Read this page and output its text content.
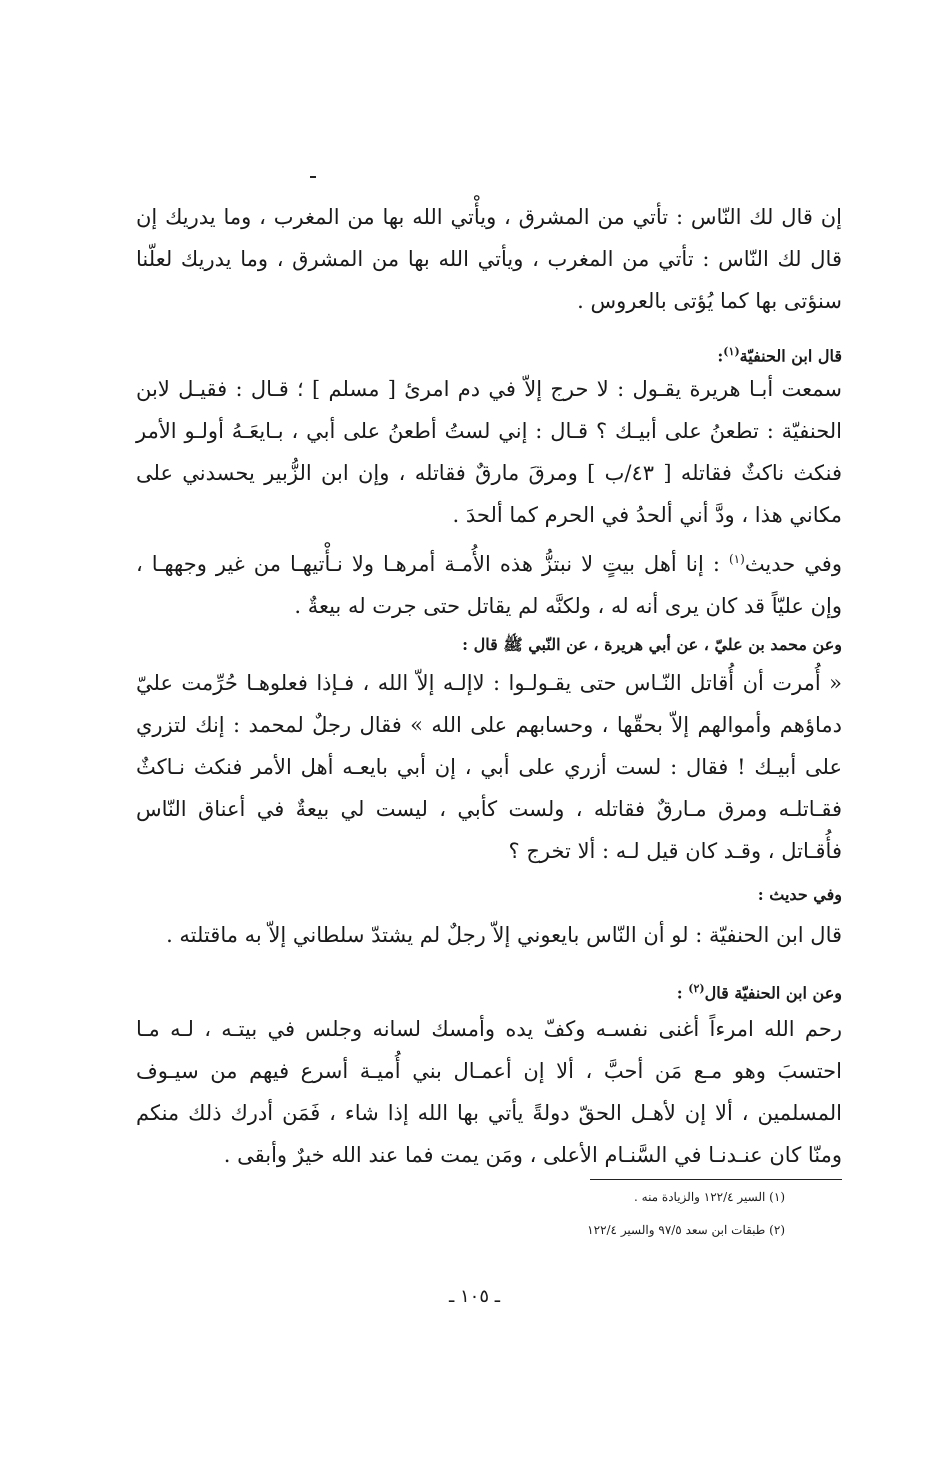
إن قال لك النّاس : تأتي من المشرق ، ويأْتي الله بها من المغرب ، وما يدريك إن قال لك النّاس : تأتي من المغرب ، ويأتي الله بها من المشرق ، وما يدريك لعلّنا سنؤتى بها كما يُؤتى بالعروس .

قال ابن الحنفيّة$^{(١)}$:

سمعت أبـا هريرة يقـول : لا حرج إلاّ في دم امرئ [ مسلم ] ؛ قـال : فقيـل لابن الحنفيّة : تطعنُ على أبيـك ؟ قـال : إني لستُ أطعنُ على أبي ، بـايعَـهُ أولـو الأمر فنكث ناكثٌ فقاتله [ ٤٣/ب ] ومرقَ مارقٌ فقاتله ، وإن ابن الزُّبير يحسدني على مكاني هذا ، ودَّ أني ألحدُ في الحرم كما ألحدَ .

وفي حديث$^{(١)}$ : إنا أهل بيتٍ لا نبتزُّ هذه الأُمـة أمرهـا ولا نـأْتيهـا من غير وجههـا ، وإن عليّاً قد كان يرى أنه له ، ولكنَّه لم يقاتل حتى جرت له بيعةٌ .

وعن محمد بن عليّ ، عن أبي هريرة ، عن النّبي ﷺ قال :

« أُمرت أن أُقاتل النّـاس حتى يقـولـوا : لاإلـه إلاّ الله ، فـإذا فعلوهـا حُرِّمت عليّ دماؤهم وأموالهم إلاّ بحقّها ، وحسابهم على الله » فقال رجلٌ لمحمد : إنك لتزري على أبيـك ! فقال : لست أزري على أبي ، إن أبي بايعـه أهل الأمر فنكث نـاكثٌ فقـاتلـه ومرق مـارقٌ فقاتله ، ولست كأبي ، ليست لي بيعةٌ في أعناق النّاس فأُقـاتل ، وقـد كان قيل لـه : ألا تخرج ؟

وفي حديث :

قال ابن الحنفيّة : لو أن النّاس بايعوني إلاّ رجلٌ لم يشتدّ سلطاني إلاّ به ماقتلته .

وعن ابن الحنفيّة قال$^{(٢)}$ :

رحم الله امرءاً أغنى نفسـه وكفّ يده وأمسك لسانه وجلس في بيتـه ، لـه مـا احتسبَ وهو مـع مَن أحبَّ ، ألا إن أعمـال بني أُميـة أسرع فيهم من سيـوف المسلمين ، ألا إن لأهـل الحقّ دولةً يأتي بها الله إذا شاء ، فَمَن أدرك ذلك منكم ومنّا كان عنـدنـا في السَّنـام الأعلى ، ومَن يمت فما عند الله خيرٌ وأبقى .

(١) السير ١٢٢/٤ والزيادة منه .
(٢) طبقات ابن سعد ٩٧/٥ والسير ١٢٢/٤
ـ ١٠٥ ـ
